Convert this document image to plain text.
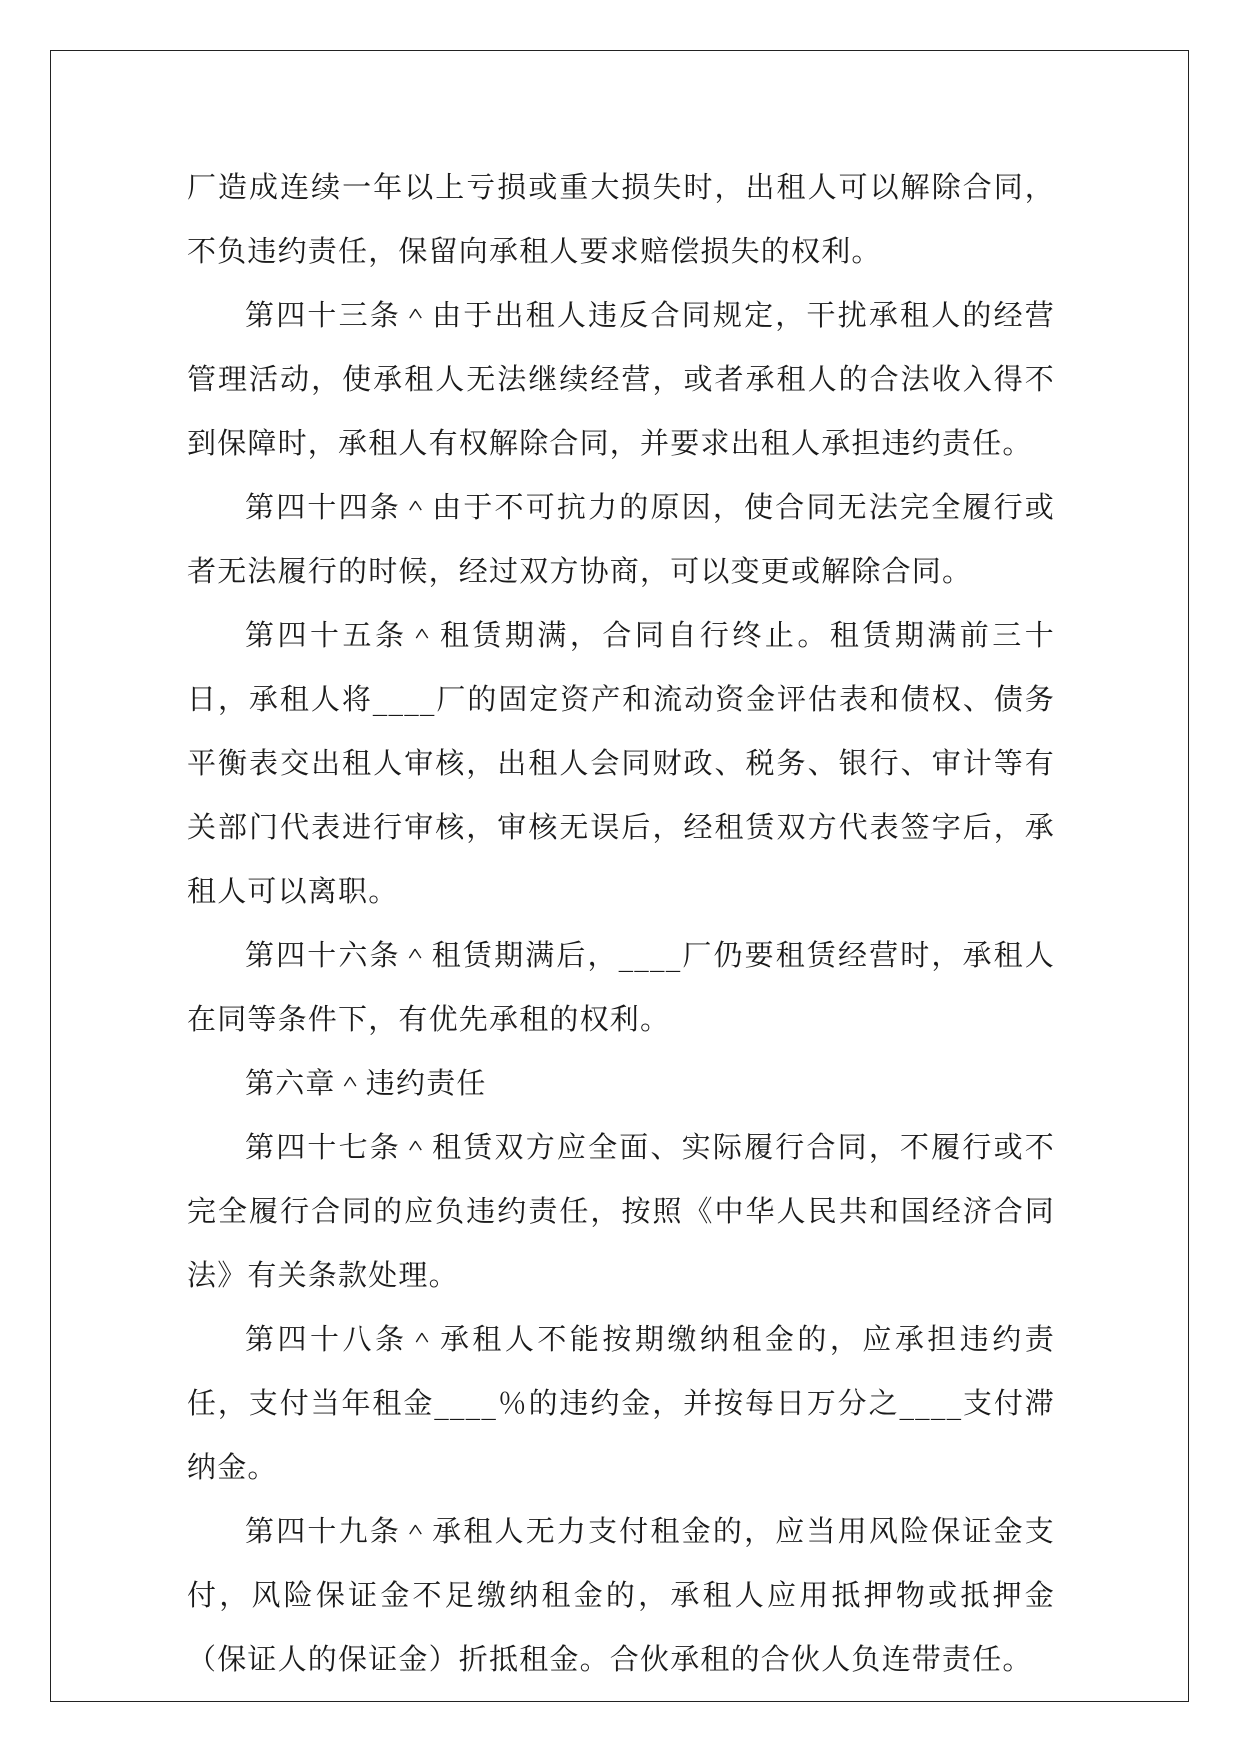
厂造成连续一年以上亏损或重大损失时，出租人可以解除合同，不负违约责任，保留向承租人要求赔偿损失的权利。

第四十三条＾由于出租人违反合同规定，干扰承租人的经营管理活动，使承租人无法继续经营，或者承租人的合法收入得不到保障时，承租人有权解除合同，并要求出租人承担违约责任。

第四十四条＾由于不可抗力的原因，使合同无法完全履行或者无法履行的时候，经过双方协商，可以变更或解除合同。

第四十五条＾租赁期满，合同自行终止。租赁期满前三十日，承租人将____厂的固定资产和流动资金评估表和债权、债务平衡表交出租人审核，出租人会同财政、税务、银行、审计等有关部门代表进行审核，审核无误后，经租赁双方代表签字后，承租人可以离职。

第四十六条＾租赁期满后，____厂仍要租赁经营时，承租人在同等条件下，有优先承租的权利。

第六章＾违约责任

第四十七条＾租赁双方应全面、实际履行合同，不履行或不完全履行合同的应负违约责任，按照《中华人民共和国经济合同法》有关条款处理。

第四十八条＾承租人不能按期缴纳租金的，应承担违约责任，支付当年租金____％的违约金，并按每日万分之____支付滞纳金。

第四十九条＾承租人无力支付租金的，应当用风险保证金支付，风险保证金不足缴纳租金的，承租人应用抵押物或抵押金（保证人的保证金）折抵租金。合伙承租的合伙人负连带责任。
